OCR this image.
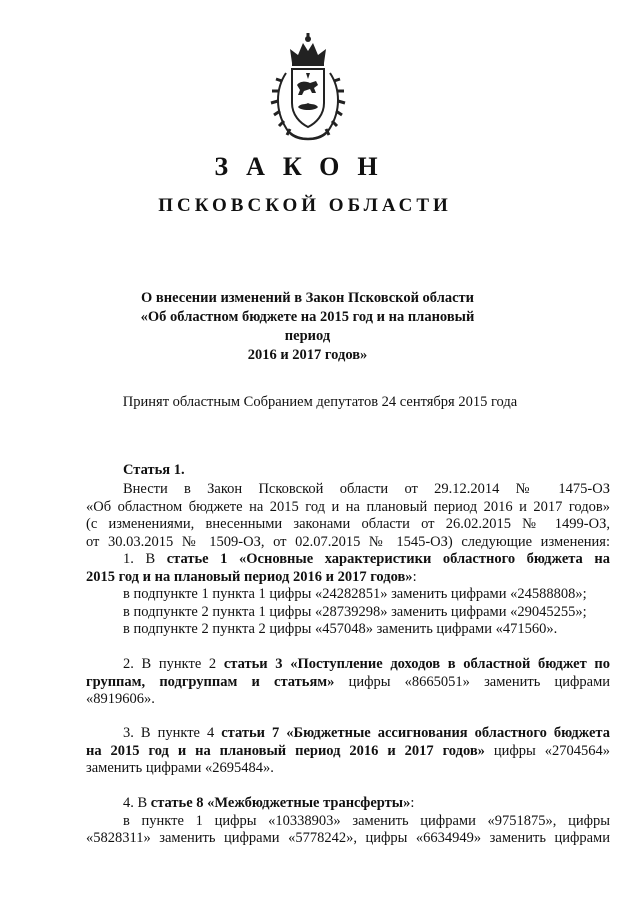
ЗАКОН
ПСКОВСКОЙ ОБЛАСТИ
О внесении изменений в Закон Псковской области
«Об областном бюджете на 2015 год и на плановый период
2016 и 2017 годов»
Принят областным Собранием депутатов 24 сентября 2015 года
Статья 1.

Внести в Закон Псковской области от 29.12.2014 № 1475-ОЗ

«Об областном бюджете на 2015 год и на плановый период 2016 и 2017 годов»

(с изменениями, внесенными законами области от 26.02.2015 № 1499-ОЗ,

от 30.03.2015 № 1509-ОЗ, от 02.07.2015 № 1545-ОЗ) следующие изменения:

1. В статье 1 «Основные характеристики областного бюджета на

2015 год и на плановый период 2016 и 2017 годов»:

в подпункте 1 пункта 1 цифры «24282851» заменить цифрами «24588808»;

в подпункте 2 пункта 1 цифры «28739298» заменить цифрами «29045255»;

в подпункте 2 пункта 2 цифры «457048» заменить цифрами «471560».

2. В пункте 2 статьи 3 «Поступление доходов в областной бюджет по

группам, подгруппам и статьям» цифры «8665051» заменить цифрами

«8919606».

3. В пункте 4 статьи 7 «Бюджетные ассигнования областного бюджета

на 2015 год и на плановый период 2016 и 2017 годов» цифры «2704564»

заменить цифрами «2695484».

4. В статье 8 «Межбюджетные трансферты»:

в пункте 1 цифры «10338903» заменить цифрами «9751875», цифры

«5828311» заменить цифрами «5778242», цифры «6634949» заменить цифрами
